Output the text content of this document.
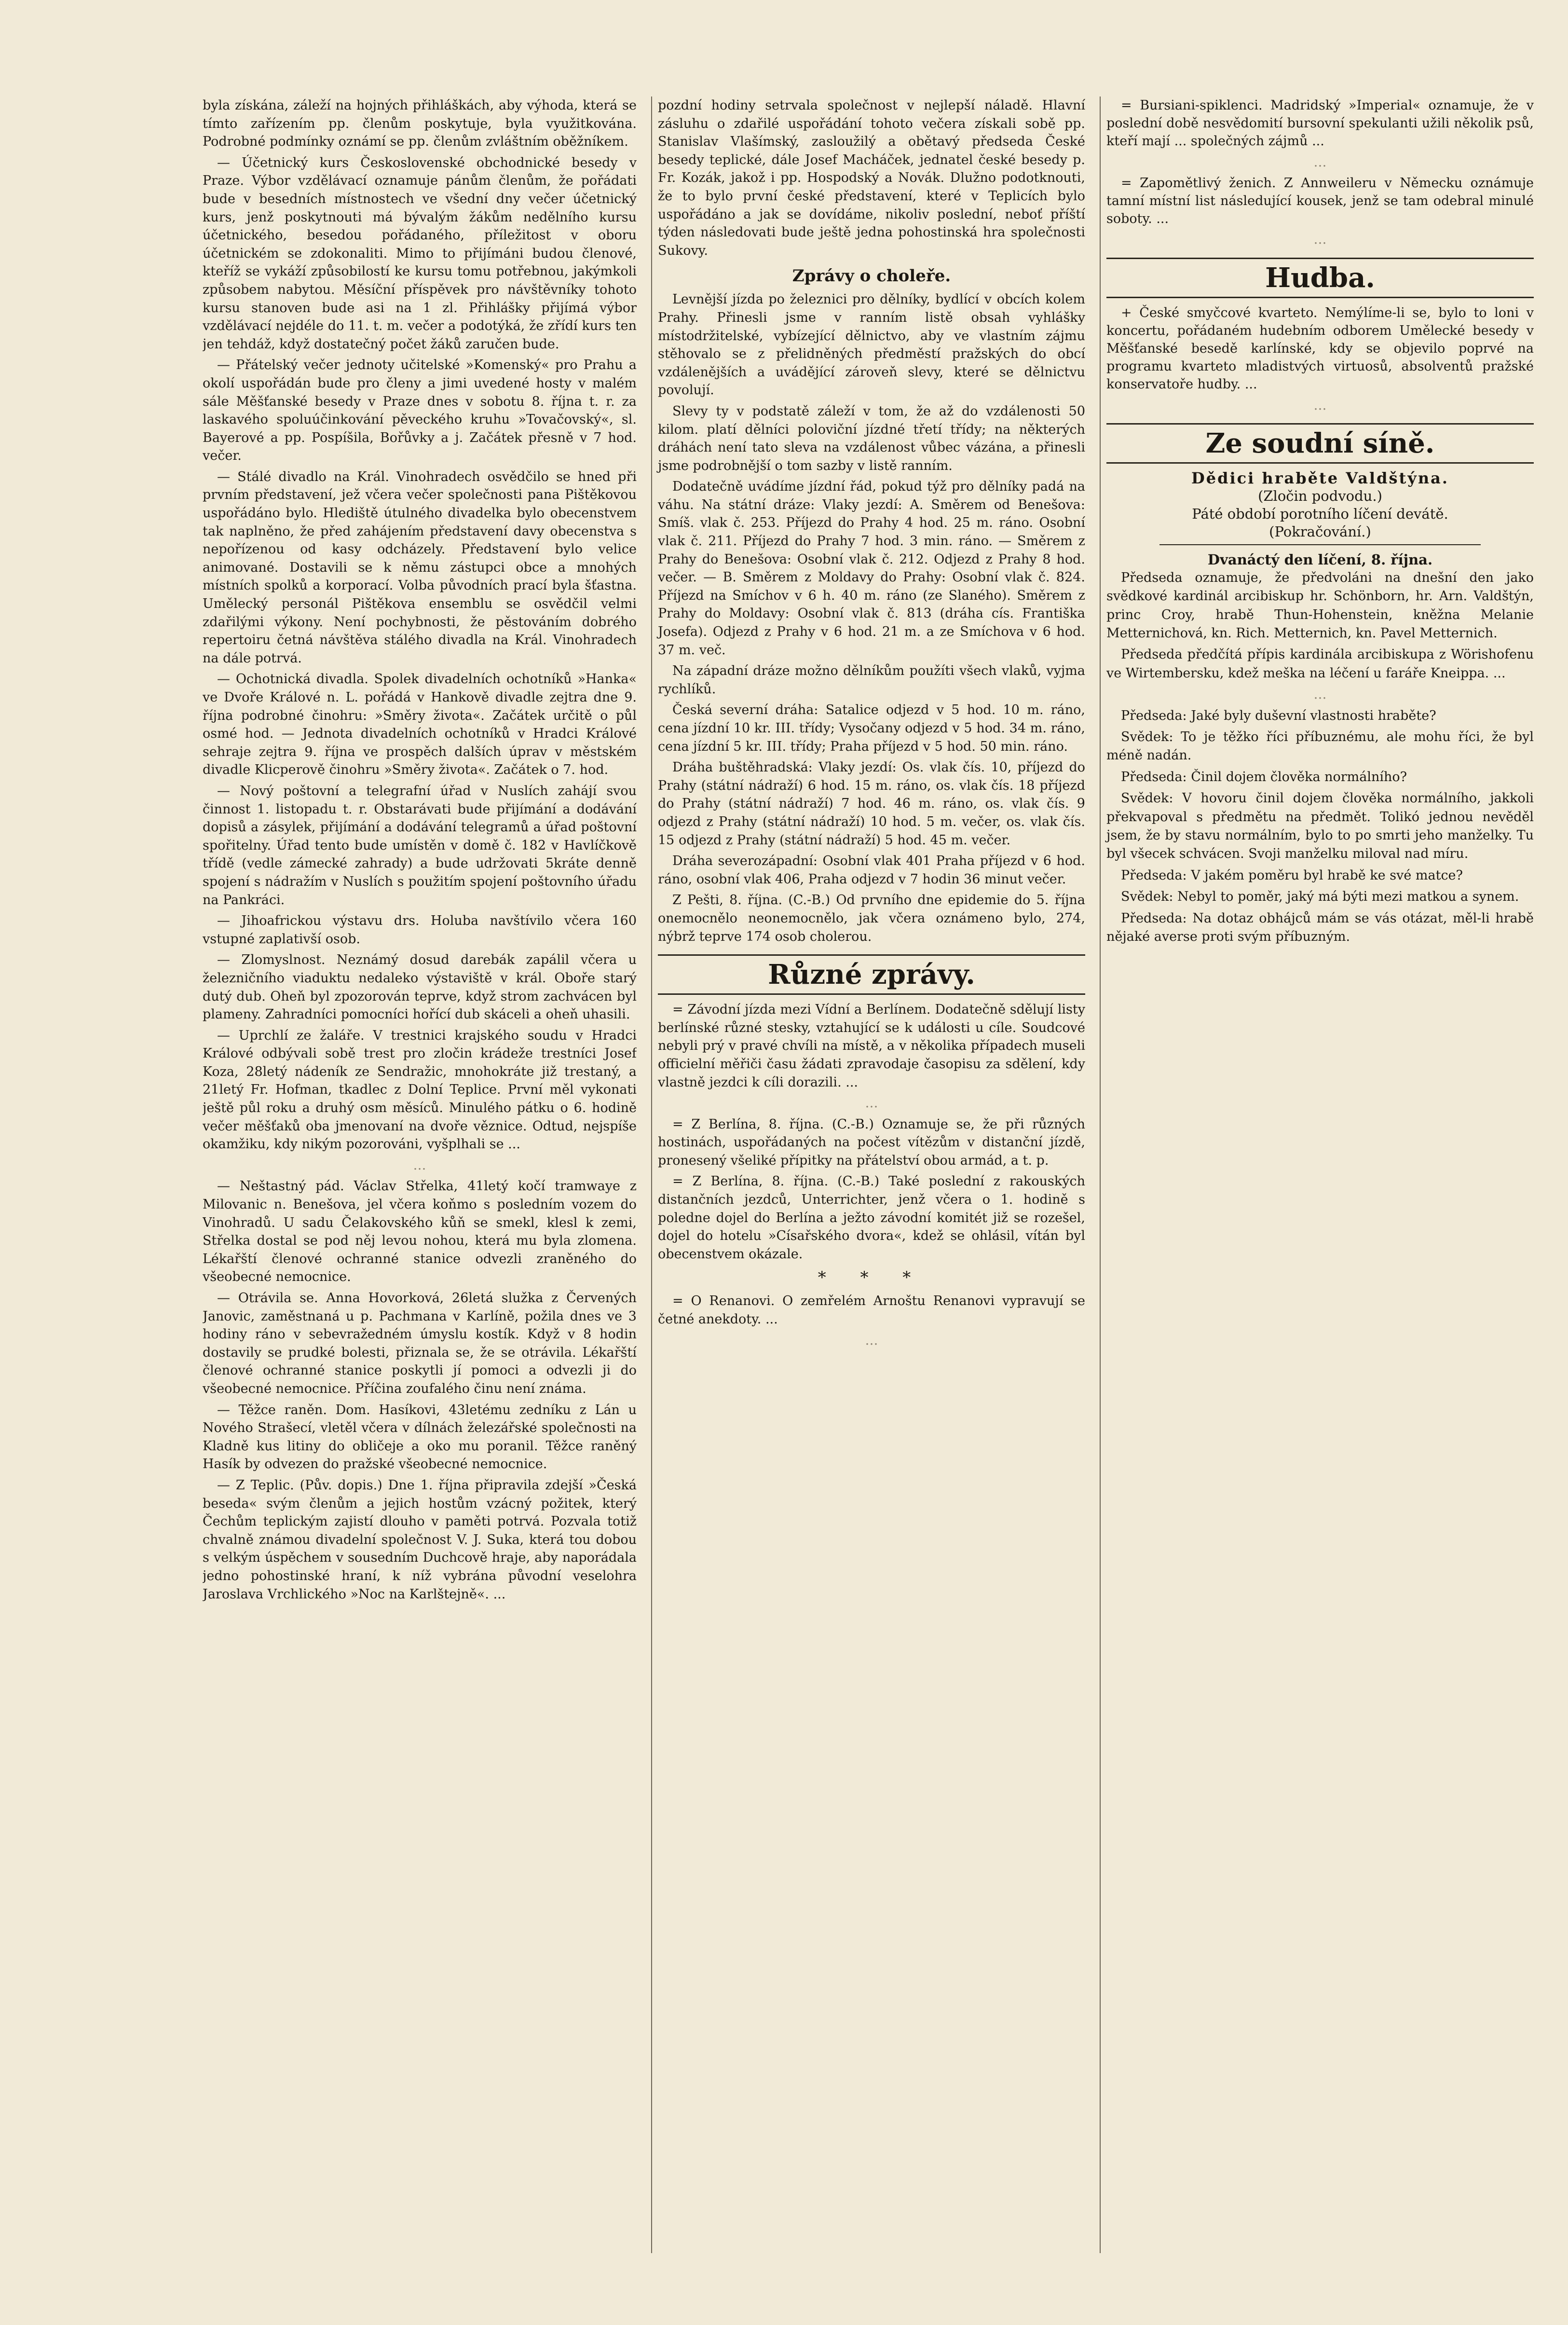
byla získána, záleží na hojných přihláškách, aby výhoda, která se tímto zařízením pp. členům poskytuje, byla využitkována. Podrobné podmínky oznámí se pp. členům zvláštním oběžníkem.

— Účetnický kurs Československé obchodnické besedy v Praze. Výbor vzdělávací oznamuje pánům členům, že pořádati bude v besedních místnostech ve všední dny večer účetnický kurs, jenž poskytnouti má bývalým žákům nedělního kursu účetnického, besedou pořádaného, příležitost v oboru účetnickém se zdokonaliti. Mimo to přijímáni budou členové, kteříž se vykáží způsobilostí ke kursu tomu potřebnou, jakýmkoli způsobem nabytou. Měsíční příspěvek pro návštěvníky tohoto kursu stanoven bude asi na 1 zl. Přihlášky přijímá výbor vzdělávací nejdéle do 11. t. m. večer a podotýká, že zřídí kurs ten jen tehdáž, když dostatečný počet žáků zaručen bude.

— Přátelský večer jednoty učitelské »Komenský« pro Prahu a okolí uspořádán bude pro členy a jimi uvedené hosty v malém sále Měšťanské besedy v Praze dnes v sobotu 8. října t. r. za laskavého spoluúčinkování pěveckého kruhu »Tovačovský«, sl. Bayerové a pp. Pospíšila, Bořůvky a j. Začátek přesně v 7 hod. večer.

— Stálé divadlo na Král. Vinohradech osvědčilo se hned při prvním představení, jež včera večer společnosti pana Pištěkovou uspořádáno bylo. Hlediště útulného divadelka bylo obecenstvem tak naplněno, že před zahájením představení davy obecenstva s nepořízenou od kasy odcházely. Představení bylo velice animované. Dostavili se k němu zástupci obce a mnohých místních spolků a korporací. Volba původních prací byla šťastna. Umělecký personál Pištěkova ensemblu se osvědčil velmi zdařilými výkony. Není pochybnosti, že pěstováním dobrého repertoiru četná návštěva stálého divadla na Král. Vinohradech na dále potrvá.

— Ochotnická divadla. Spolek divadelních ochotníků »Hanka« ve Dvoře Králové n. L. pořádá v Hankově divadle zejtra dne 9. října podrobné činohru: »Směry života«. Začátek určitě o půl osmé hod. — Jednota divadelních ochotníků v Hradci Králové sehraje zejtra 9. října ve prospěch dalších úprav v městském divadle Klicperově činohru »Směry života«. Začátek o 7. hod.

— Nový poštovní a telegrafní úřad v Nuslích zahájí svou činnost 1. listopadu t. r. Obstarávati bude přijímání a dodávání dopisů a zásylek, přijímání a dodávání telegramů a úřad poštovní spořitelny. Úřad tento bude umístěn v domě č. 182 v Havlíčkově třídě (vedle zámecké zahrady) a bude udržovati 5kráte denně spojení s nádražím v Nuslích s použitím spojení poštovního úřadu na Pankráci.

— Jihoafrickou výstavu drs. Holuba navštívilo včera 160 vstupné zaplativší osob.

— Zlomyslnost. Neznámý dosud darebák zapálil včera u železničního viaduktu nedaleko výstaviště v král. Oboře starý dutý dub. Oheň byl zpozorován teprve, když strom zachvácen byl plameny. Zahradníci pomocníci hořící dub skáceli a oheň uhasili.

— Uprchlí ze žaláře. V trestnici krajského soudu v Hradci Králové odbývali sobě trest pro zločin krádeže trestníci Josef Koza, 28letý nádeník ze Sendražic, mnohokráte již trestaný, a 21letý Fr. Hofman, tkadlec z Dolní Teplice. První měl vykonati ještě půl roku a druhý osm měsíců. Minulého pátku o 6. hodině večer měšťaků oba jmenovaní na dvoře věznice. Odtud, nejspíše okamžiku, kdy nikým pozorováni, vyšplhali se ...

…

— Neštastný pád. Václav Střelka, 41letý kočí tramwaye z Milovanic n. Benešova, jel včera koňmo s posledním vozem do Vinohradů. U sadu Čelakovského kůň se smekl, klesl k zemi, Střelka dostal se pod něj levou nohou, která mu byla zlomena. Lékařští členové ochranné stanice odvezli zraněného do všeobecné nemocnice.

— Otrávila se. Anna Hovorková, 26letá služka z Červených Janovic, zaměstnaná u p. Pachmana v Karlíně, požila dnes ve 3 hodiny ráno v sebevražedném úmyslu kostík. Když v 8 hodin dostavily se prudké bolesti, přiznala se, že se otrávila. Lékařští členové ochranné stanice poskytli jí pomoci a odvezli ji do všeobecné nemocnice. Příčina zoufalého činu není známa.

— Těžce raněn. Dom. Hasíkovi, 43letému zedníku z Lán u Nového Strašecí, vletěl včera v dílnách železářské společnosti na Kladně kus litiny do obličeje a oko mu poranil. Těžce raněný Hasík by odvezen do pražské všeobecné nemocnice.

— Z Teplic. (Pův. dopis.) Dne 1. října připravila zdejší »Česká beseda« svým členům a jejich hostům vzácný požitek, který Čechům teplickým zajistí dlouho v paměti potrvá. Pozvala totiž chvalně známou divadelní společnost V. J. Suka, která tou dobou s velkým úspěchem v sousedním Duchcově hraje, aby naporádala jedno pohostinské hraní, k níž vybrána původní veselohra Jaroslava Vrchlického »Noc na Karlštejně«. ...

pozdní hodiny setrvala společnost v nejlepší náladě. Hlavní zásluhu o zdařilé uspořádání tohoto večera získali sobě pp. Stanislav Vlašímský, zasloužilý a obětavý předseda České besedy teplické, dále Josef Macháček, jednatel české besedy p. Fr. Kozák, jakož i pp. Hospodský a Novák. Dlužno podotknouti, že to bylo první české představení, které v Teplicích bylo uspořádáno a jak se dovídáme, nikoliv poslední, neboť příští týden následovati bude ještě jedna pohostinská hra společnosti Sukovy.

Zprávy o choleře.

Levnější jízda po železnici pro dělníky, bydlící v obcích kolem Prahy. Přinesli jsme v ranním listě obsah vyhlášky místodržitelské, vybízející dělnictvo, aby ve vlastním zájmu stěhovalo se z přelidněných předměstí pražských do obcí vzdálenějších a uvádějící zároveň slevy, které se dělnictvu povolují.

Slevy ty v podstatě záleží v tom, že až do vzdálenosti 50 kilom. platí dělníci poloviční jízdné třetí třídy; na některých dráhách není tato sleva na vzdálenost vůbec vázána, a přinesli jsme podrobnější o tom sazby v listě ranním.

Dodatečně uvádíme jízdní řád, pokud týž pro dělníky padá na váhu. Na státní dráze: Vlaky jezdí: A. Směrem od Benešova: Smíš. vlak č. 253. Příjezd do Prahy 4 hod. 25 m. ráno. Osobní vlak č. 211. Příjezd do Prahy 7 hod. 3 min. ráno. — Směrem z Prahy do Benešova: Osobní vlak č. 212. Odjezd z Prahy 8 hod. večer. — B. Směrem z Moldavy do Prahy: Osobní vlak č. 824. Příjezd na Smíchov v 6 h. 40 m. ráno (ze Slaného). Směrem z Prahy do Moldavy: Osobní vlak č. 813 (dráha cís. Františka Josefa). Odjezd z Prahy v 6 hod. 21 m. a ze Smíchova v 6 hod. 37 m. več.

Na západní dráze možno dělníkům použíti všech vlaků, vyjma rychlíků.

Česká severní dráha: Satalice odjezd v 5 hod. 10 m. ráno, cena jízdní 10 kr. III. třídy; Vysočany odjezd v 5 hod. 34 m. ráno, cena jízdní 5 kr. III. třídy; Praha příjezd v 5 hod. 50 min. ráno.

Dráha buštěhradská: Vlaky jezdí: Os. vlak čís. 10, příjezd do Prahy (státní nádraží) 6 hod. 15 m. ráno, os. vlak čís. 18 příjezd do Prahy (státní nádraží) 7 hod. 46 m. ráno, os. vlak čís. 9 odjezd z Prahy (státní nádraží) 10 hod. 5 m. večer, os. vlak čís. 15 odjezd z Prahy (státní nádraží) 5 hod. 45 m. večer.

Dráha severozápadní: Osobní vlak 401 Praha příjezd v 6 hod. ráno, osobní vlak 406, Praha odjezd v 7 hodin 36 minut večer.

Z Pešti, 8. října. (C.-B.) Od prvního dne epidemie do 5. října onemocnělo neonemocnělo, jak včera oznámeno bylo, 274, nýbrž teprve 174 osob cholerou.

Různé zprávy.

= Závodní jízda mezi Vídní a Berlínem. Dodatečně sdělují listy berlínské různé stesky, vztahující se k události u cíle. Soudcové nebyli prý v pravé chvíli na místě, a v několika případech museli officielní měřiči času žádati zpravodaje časopisu za sdělení, kdy vlastně jezdci k cíli dorazili. ...

…

= Z Berlína, 8. října. (C.-B.) Oznamuje se, že při různých hostinách, uspořádaných na počest vítězům v distanční jízdě, pronesený všeliké přípitky na přátelství obou armád, a t. p.

= Z Berlína, 8. října. (C.-B.) Také poslední z rakouských distančních jezdců, Unterrichter, jenž včera o 1. hodině s poledne dojel do Berlína a ježto závodní komitét již se rozešel, dojel do hotelu »Císařského dvora«, kdež se ohlásil, vítán byl obecenstvem okázale.

* * *

= O Renanovi. O zemřelém Arnoštu Renanovi vypravují se četné anekdoty. ...

…

= Bursiani-spiklenci. Madridský »Imperial« oznamuje, že v poslední době nesvědomití bursovní spekulanti užili několik psů, kteří mají ... společných zájmů ...

…

= Zapomětlivý ženich. Z Annweileru v Německu oznámuje tamní místní list následující kousek, jenž se tam odebral minulé soboty. ...

…

Hudba.

+ České smyčcové kvarteto. Nemýlíme-li se, bylo to loni v koncertu, pořádaném hudebním odborem Umělecké besedy v Měšťanské besedě karlínské, kdy se objevilo poprvé na programu kvarteto mladistvých virtuosů, absolventů pražské konservatoře hudby. ...

…

Ze soudní síně.

Dědici hraběte Valdštýna.

(Zločin podvodu.)

Páté období porotního líčení devátě.

(Pokračování.)

Dvanáctý den líčení, 8. října.

Předseda oznamuje, že předvoláni na dnešní den jako svědkové kardinál arcibiskup hr. Schönborn, hr. Arn. Valdštýn, princ Croy, hrabě Thun-Hohenstein, kněžna Melanie Metternichová, kn. Rich. Metternich, kn. Pavel Metternich.

Předseda předčítá přípis kardinála arcibiskupa z Wörishofenu ve Wirtembersku, kdež meška na léčení u faráře Kneippa. ...

…

Předseda: Jaké byly duševní vlastnosti hraběte?

Svědek: To je těžko říci příbuznému, ale mohu říci, že byl méně nadán.

Předseda: Činil dojem člověka normálního?

Svědek: V hovoru činil dojem člověka normálního, jakkoli překvapoval s předmětu na předmět. Tolikó jednou nevěděl jsem, že by stavu normálním, bylo to po smrti jeho manželky. Tu byl všecek schvácen. Svoji manželku miloval nad míru.

Předseda: V jakém poměru byl hrabě ke své matce?

Svědek: Nebyl to poměr, jaký má býti mezi matkou a synem.

Předseda: Na dotaz obhájců mám se vás otázat, měl-li hrabě nějaké averse proti svým příbuzným.
